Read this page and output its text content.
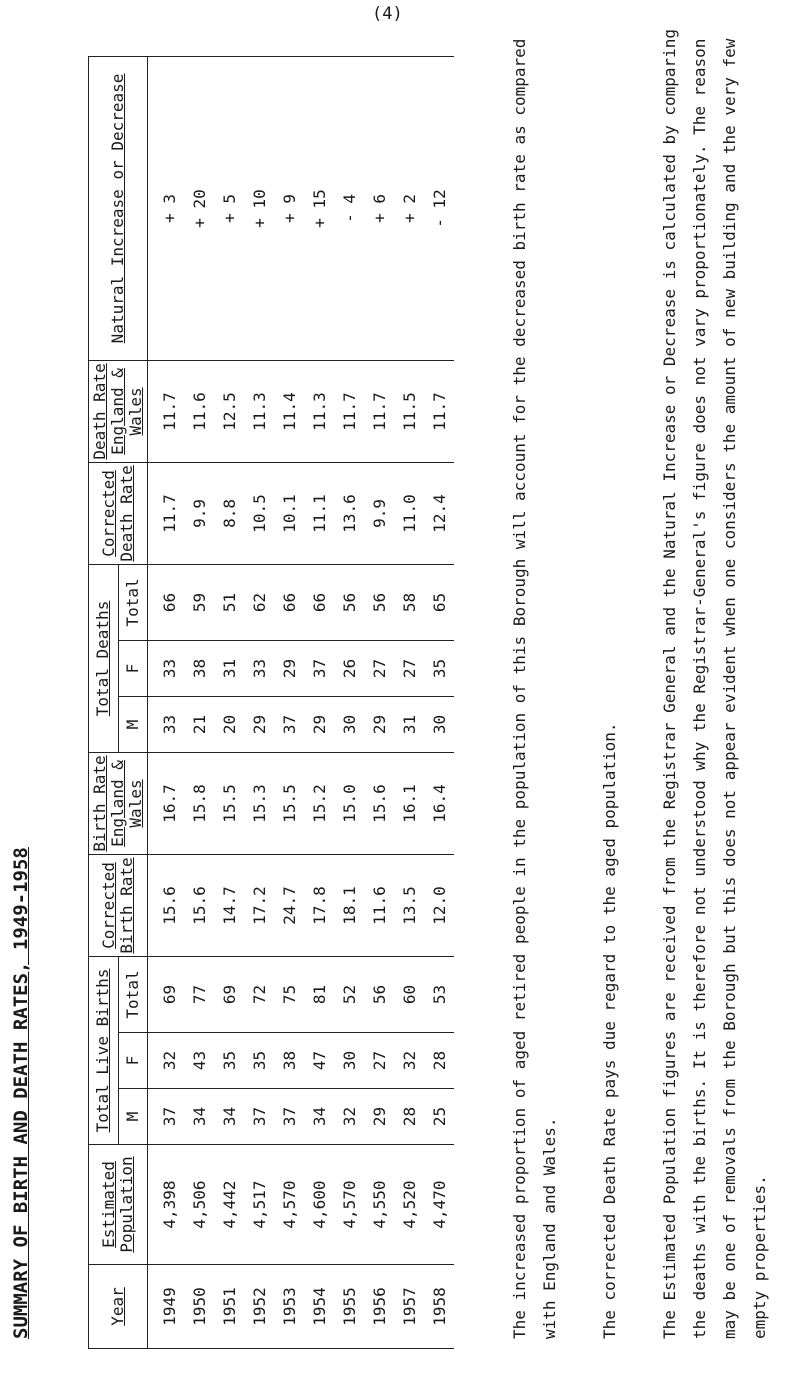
(4)
SUMMARY OF BIRTH AND DEATH RATES, 1949-1958	Year	Estimated Population	Total Live Births			Corrected Birth Rate	Birth Rate England & Wales	Total Deaths			Corrected Death Rate	Death Rate England & Wales	Natural Increase or Decrease
		M	F	Total			M	F	Total			
1949	4,398	37	32	69	15.6	16.7	33	33	66	11.7	11.7	+ 3
1950	4,506	34	43	77	15.6	15.8	21	38	59	9.9	11.6	+ 20
1951	4,442	34	35	69	14.7	15.5	20	31	51	8.8	12.5	+ 5
1952	4,517	37	35	72	17.2	15.3	29	33	62	10.5	11.3	+ 10
1953	4,570	37	38	75	24.7	15.5	37	29	66	10.1	11.4	+ 9
1954	4,600	34	47	81	17.8	15.2	29	37	66	11.1	11.3	+ 15
1955	4,570	32	30	52	18.1	15.0	30	26	56	13.6	11.7	- 4
1956	4,550	29	27	56	11.6	15.6	29	27	56	9.9	11.7	+ 6
1957	4,520	28	32	60	13.5	16.1	31	27	58	11.0	11.5	+ 2
1958	4,470	25	28	53	12.0	16.4	30	35	65	12.4	11.7	- 12	The increased proportion of aged retired people in the population of this Borough will account for the decreased birth rate as compared with England and Wales.	The corrected Death Rate pays due regard to the aged population.	The Estimated Population figures are received from the Registrar General and the Natural Increase or Decrease is calculated by comparing the deaths with the births. It is therefore not understood why the Registrar-General's figure does not vary proportionately. The reason may be one of removals from the Borough but this does not appear evident when one considers the amount of new building and the very few empty properties.
